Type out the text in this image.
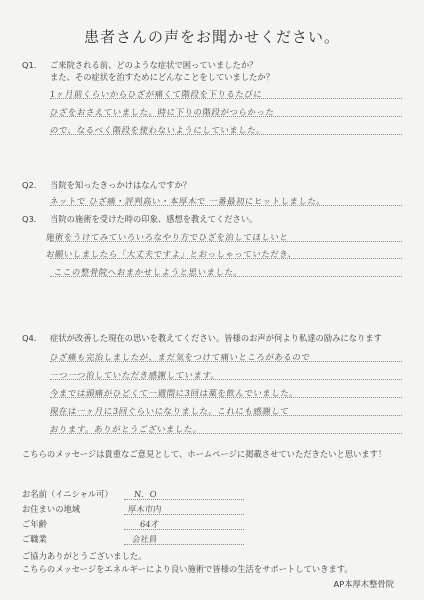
患者さんの声をお聞かせください。
Q1. ご来院される前、どのような症状で困っていましたか？
また、その症状を治すためにどんなことをしていましたか？
1ヶ月前くらいからひざが痛くて階段を下りるたびに
ひざをおさえていました。時に下りの階段がつらかった
ので、なるべく階段を使わないようにしていました。
Q2. 当院を知ったきっかけはなんですか？
ネットで ひざ痛・評判高い・本厚木で 一番最初にヒットしました。
Q3. 当院の施術を受けた時の印象、感想を教えてください。
施術をうけてみていろいろなやり方でひざを治してほしいと
お願いしましたら「大丈夫ですよ」とおっしゃっていただき、
ここの整骨院へおまかせしようと思いました。
Q4. 症状が改善した現在の思いを教えてください。皆様のお声が何より私達の励みになります
ひざ痛も完治しましたが、まだ気をつけて痛いところがあるので
一つ一つ治していただき感謝しています。
今までは頭痛がひどくて一週間に3回は薬を飲んでいました。
現在は一ヶ月に3回ぐらいになりました。これにも感謝して
おります。ありがとうございました。
こちらのメッセージは貴重なご意見として、ホームページに掲載させていただきたいと思います！
お名前（イニシャル可） N．O
お住まいの地域	厚木市内
ご年齢	64才
ご職業	会社員
ご協力ありがとうございました。
こちらのメッセージをエネルギーにより良い施術で皆様の生活をサポートしていきます。
AP本厚木整骨院
